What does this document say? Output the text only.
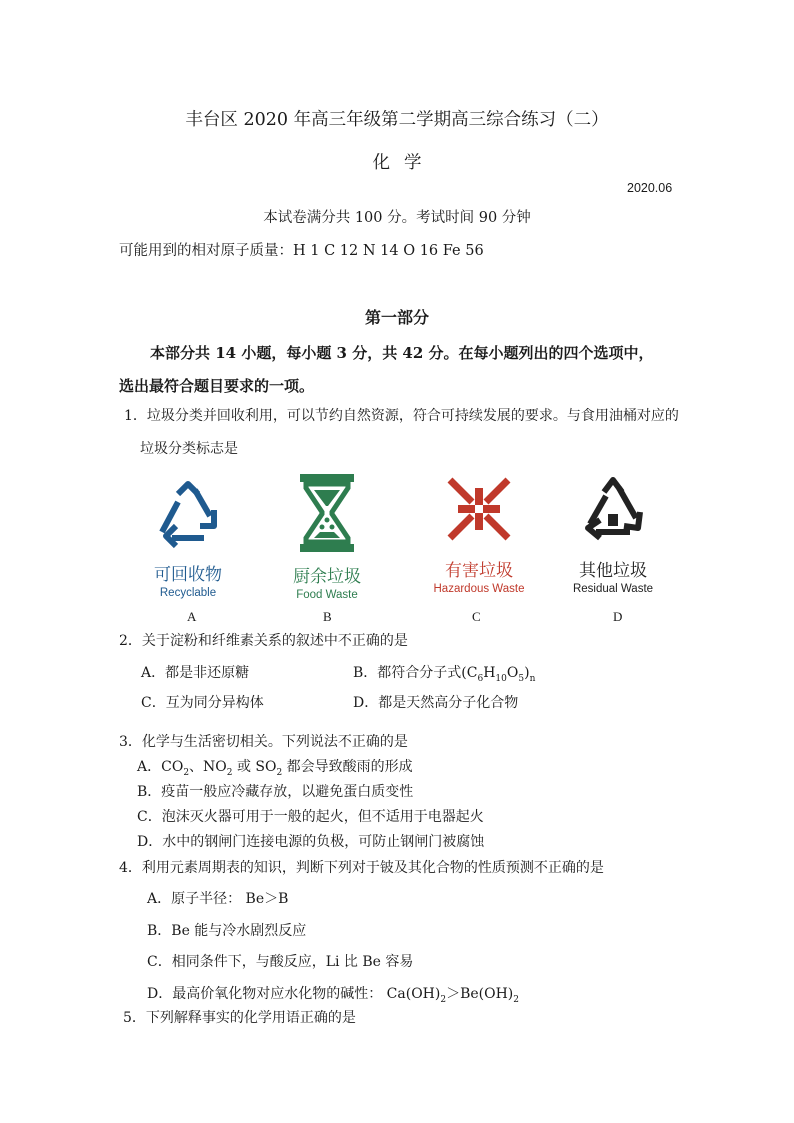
丰台区 2020 年高三年级第二学期高三综合练习（二）
化学
2020.06
本试卷满分共 100 分。考试时间 90 分钟
可能用到的相对原子质量：H 1 C 12 N 14 O 16 Fe 56
第一部分
本部分共 14 小题，每小题 3 分，共 42 分。在每小题列出的四个选项中，
选出最符合题目要求的一项。
1．垃圾分类并回收利用，可以节约自然资源，符合可持续发展的要求。与食用油桶对应的
垃圾分类标志是
可回收物
Recyclable
厨余垃圾
Food Waste
有害垃圾
Hazardous Waste
其他垃圾
Residual Waste
A	B	C	D
2．关于淀粉和纤维素关系的叙述中不正确的是
A．都是非还原糖	B．都符合分子式$(C_6H_{10}O_5)_n$
C．互为同分异构体	D．都是天然高分子化合物
3．化学与生活密切相关。下列说法不正确的是
A．$CO_2$、$NO_2$ 或 $SO_2$ 都会导致酸雨的形成
B．疫苗一般应冷藏存放，以避免蛋白质变性
C．泡沫灭火器可用于一般的起火，但不适用于电器起火
D．水中的钢闸门连接电源的负极，可防止钢闸门被腐蚀
4．利用元素周期表的知识，判断下列对于铍及其化合物的性质预测不正确的是
A．原子半径： Be＞B
B．Be 能与冷水剧烈反应
C．相同条件下，与酸反应，Li 比 Be 容易
D．最高价氧化物对应水化物的碱性： $Ca(OH)_2>Be(OH)_2$
5．下列解释事实的化学用语正确的是
